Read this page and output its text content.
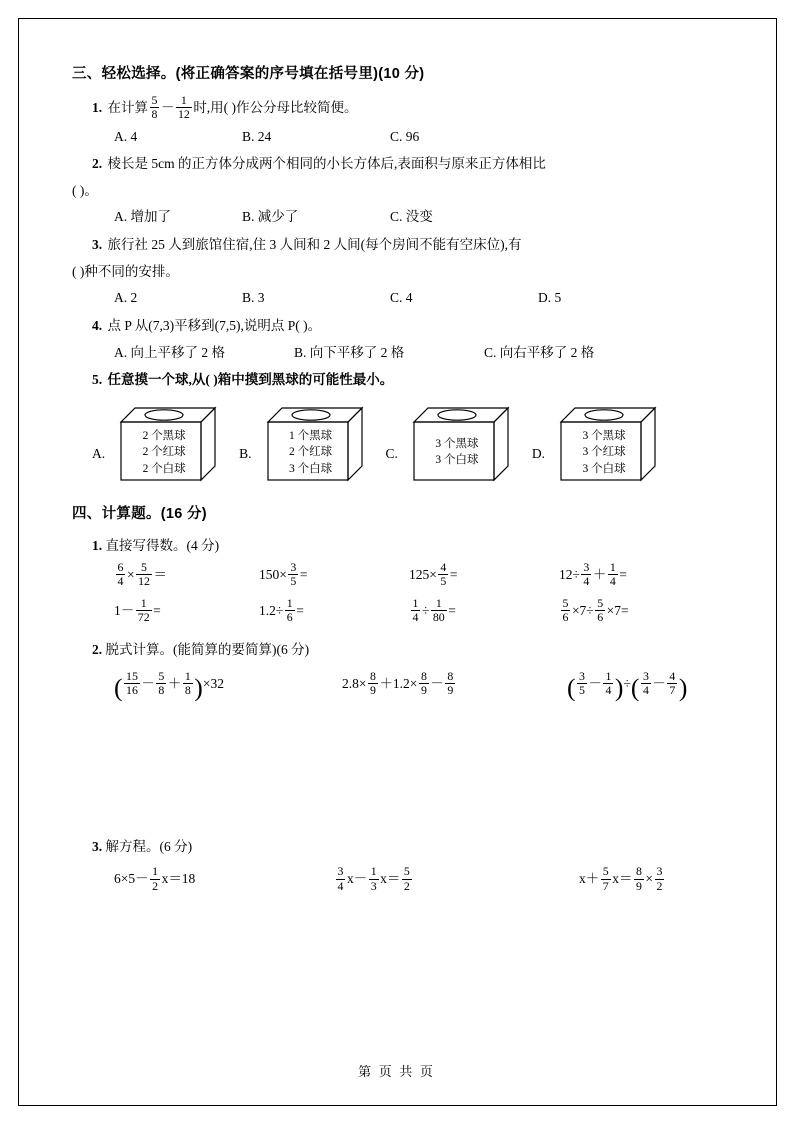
三、轻松选择。(将正确答案的序号填在括号里)(10 分)
1. 在计算 $\frac{5}{8} - \frac{1}{12}$ 时,用( )作公分母比较简便。
A. 4	B. 24	C. 96
2. 棱长是 5cm 的正方体分成两个相同的小长方体后,表面积与原来正方体相比
( )。
A. 增加了	B. 减少了	C. 没变
3. 旅行社 25 人到旅馆住宿,住 3 人间和 2 人间(每个房间不能有空床位),有
( )种不同的安排。
A. 2	B. 3	C. 4	D. 5
4. 点 P 从(7,3)平移到(7,5),说明点 P( )。
A. 向上平移了 2 格	B. 向下平移了 2 格	C. 向右平移了 2 格
5. 任意摸一个球,从( )箱中摸到黑球的可能性最小。
A.
2 个黑球
2 个红球
2 个白球
B.
1 个黑球
2 个红球
3 个白球
C.
3 个黑球
3 个白球	D.
3 个黑球
3 个红球
3 个白球
四、计算题。(16 分)
1. 直接写得数。(4 分)
$\frac{6}{4} \times \frac{5}{12}$ ＝	$150\times \frac{3}{5}$ =	$125\times \frac{4}{5}$ =	$12\div \frac{3}{4} + \frac{1}{4}$ =
$1- \frac{1}{72}$ =	$1.2\div \frac{1}{6}$ =	$\frac{1}{4} \div \frac{1}{80}$ =	$\frac{5}{6} \times 7\div \frac{5}{6} \times 7=$
2. 脱式计算。(能简算的要简算)(6 分)
( $\frac{15}{16} - \frac{5}{8} + \frac{1}{8} )\times 32$	$2.8\times \frac{8}{9} +1.2\times \frac{8}{9} - \frac{8}{9}$	( $\frac{3}{5} - \frac{1}{4}$ )÷( $\frac{3}{4} - \frac{4}{7}$ )
3. 解方程。(6 分)
$6\times 5- \frac{1}{2} x=18$	$\frac{3}{4} x- \frac{1}{3} x= \frac{5}{2}$	$x+ \frac{5}{7} x= \frac{8}{9} \times \frac{3}{2}$
第 页 共 页
